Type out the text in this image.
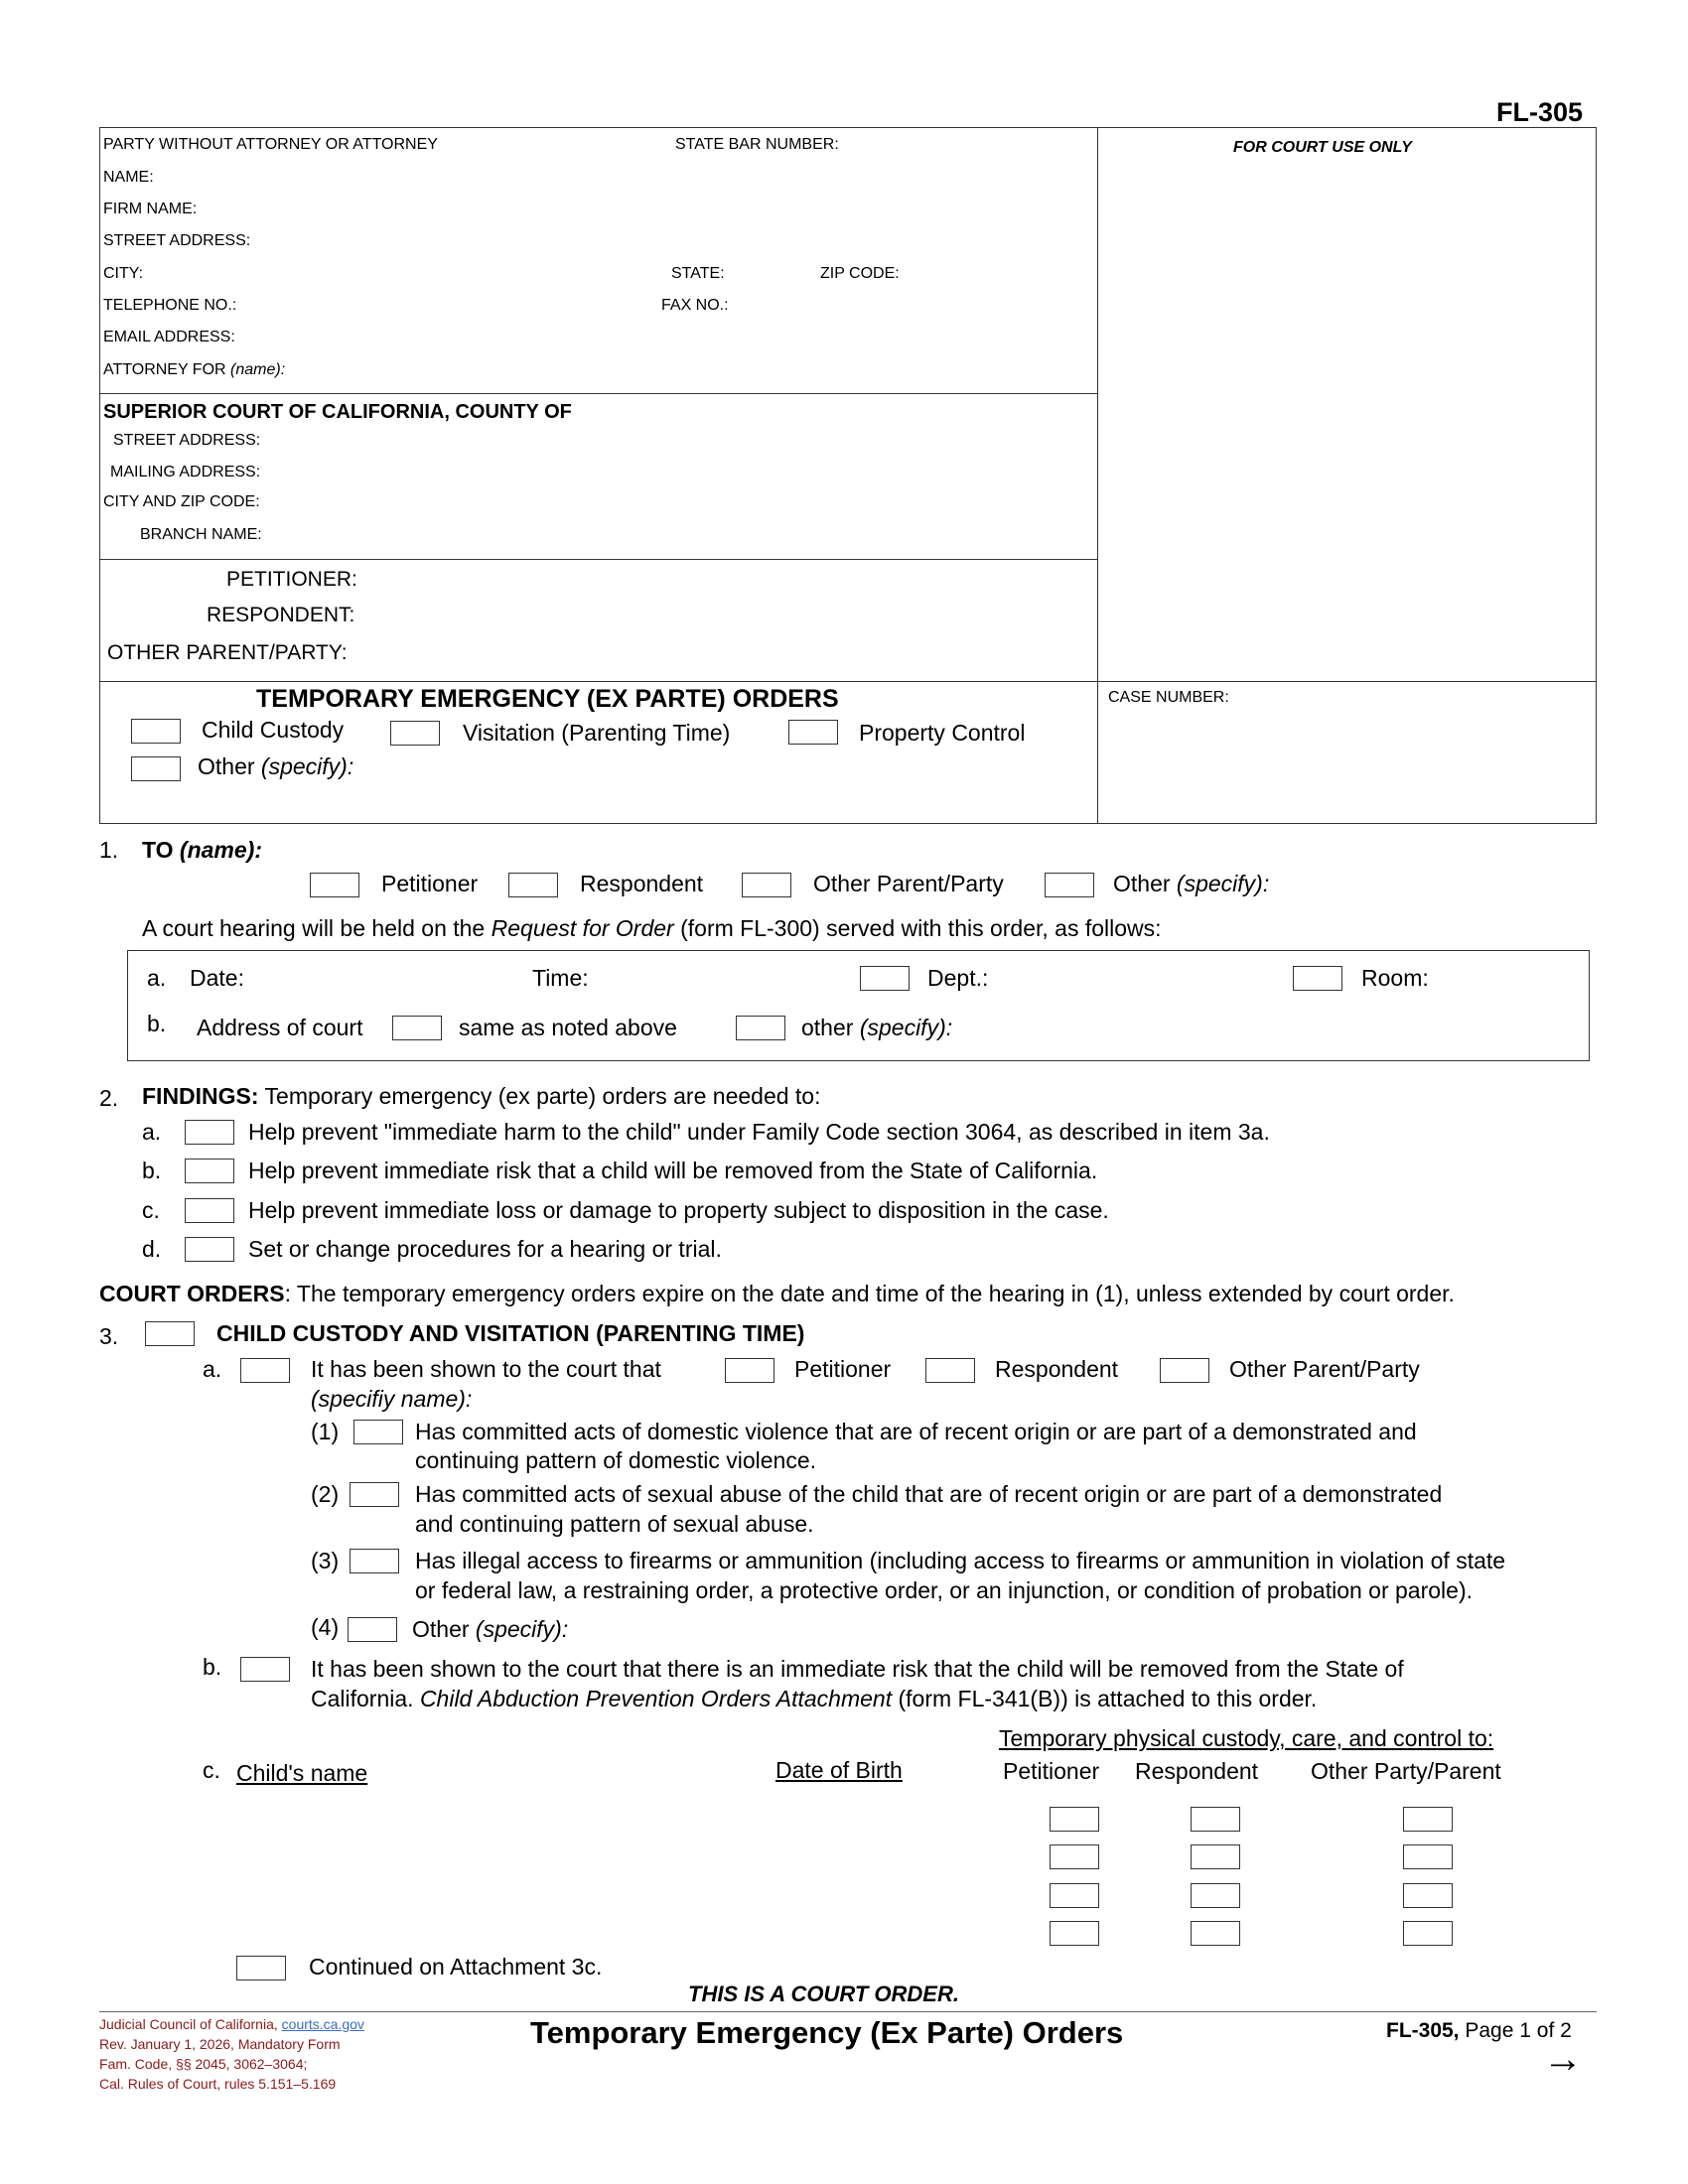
FL-305
PARTY WITHOUT ATTORNEY OR ATTORNEY	STATE BAR NUMBER:
NAME:
FIRM NAME:
STREET ADDRESS:
CITY:	STATE:	ZIP CODE:
TELEPHONE NO.:	FAX NO.:
EMAIL ADDRESS:
ATTORNEY FOR (name):
FOR COURT USE ONLY
SUPERIOR COURT OF CALIFORNIA, COUNTY OF
STREET ADDRESS:
MAILING ADDRESS:
CITY AND ZIP CODE:
BRANCH NAME:
PETITIONER:
RESPONDENT:
OTHER PARENT/PARTY:
TEMPORARY EMERGENCY (EX PARTE) ORDERS	CASE NUMBER:
Child Custody	Visitation (Parenting Time)	Property Control
Other (specify):
1. TO (name):
Petitioner	Respondent	Other Parent/Party	Other (specify):
A court hearing will be held on the Request for Order (form FL-300) served with this order, as follows:
a. Date:	Time:	Dept.:	Room:
b. Address of court	same as noted above	other (specify):
2. FINDINGS: Temporary emergency (ex parte) orders are needed to:
a.	Help prevent "immediate harm to the child" under Family Code section 3064, as described in item 3a.
b.	Help prevent immediate risk that a child will be removed from the State of California.
c.	Help prevent immediate loss or damage to property subject to disposition in the case.
d.	Set or change procedures for a hearing or trial.
COURT ORDERS: The temporary emergency orders expire on the date and time of the hearing in (1), unless extended by court order.
3.	CHILD CUSTODY AND VISITATION (PARENTING TIME)
a.	It has been shown to the court that	Petitioner	Respondent	Other Parent/Party
(specifiy name):
(1)	Has committed acts of domestic violence that are of recent origin or are part of a demonstrated and
continuing pattern of domestic violence.
(2)	Has committed acts of sexual abuse of the child that are of recent origin or are part of a demonstrated
and continuing pattern of sexual abuse.
(3)	Has illegal access to firearms or ammunition (including access to firearms or ammunition in violation of state
or federal law, a restraining order, a protective order, or an injunction, or condition of probation or parole).
(4)	Other (specify):
b.	It has been shown to the court that there is an immediate risk that the child will be removed from the State of
California. Child Abduction Prevention Orders Attachment (form FL-341(B)) is attached to this order.
Temporary physical custody, care, and control to:
c. Child's name	Date of Birth	Petitioner Respondent Other Party/Parent
Continued on Attachment 3c.
THIS IS A COURT ORDER.
Judicial Council of California, courts.ca.gov
Rev. January 1, 2026, Mandatory Form
Fam. Code, §§ 2045, 3062–3064;
Cal. Rules of Court, rules 5.151–5.169
Temporary Emergency (Ex Parte) Orders	FL-305, Page 1 of 2
→
